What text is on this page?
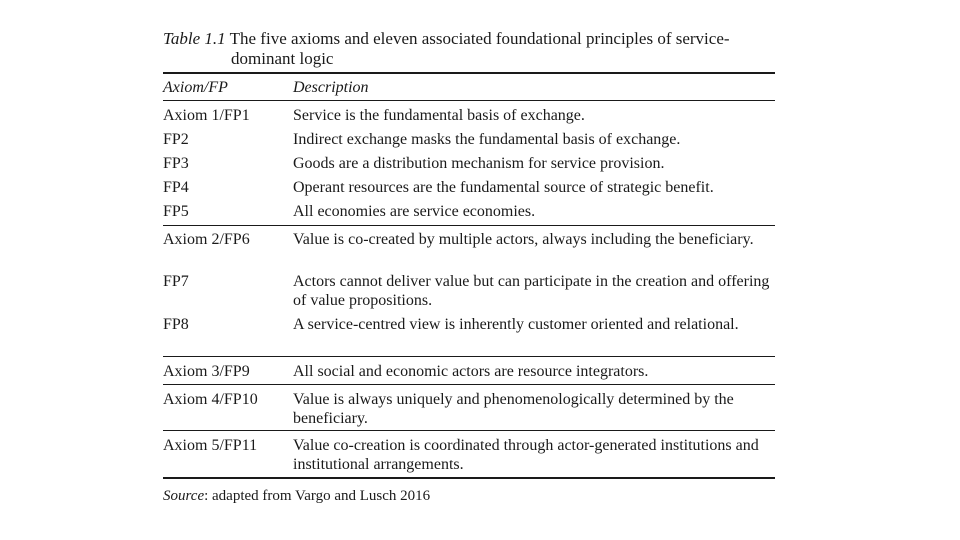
Table 1.1 The five axioms and eleven associated foundational principles of service-
dominant logic
Axiom/FP	Description
Axiom 1/FP1	Service is the fundamental basis of exchange.
FP2	Indirect exchange masks the fundamental basis of exchange.
FP3	Goods are a distribution mechanism for service provision.
FP4	Operant resources are the fundamental source of strategic benefit.
FP5	All economies are service economies.
Axiom 2/FP6	Value is co-created by multiple actors, always including the beneficiary.
FP7	Actors cannot deliver value but can participate in the creation and offering of value propositions.
FP8	A service-centred view is inherently customer oriented and relational.
Axiom 3/FP9	All social and economic actors are resource integrators.
Axiom 4/FP10 Value is always uniquely and phenomenologically determined by the beneficiary.
Axiom 5/FP11 Value co-creation is coordinated through actor-generated institutions and institutional arrangements.
Source: adapted from Vargo and Lusch 2016
